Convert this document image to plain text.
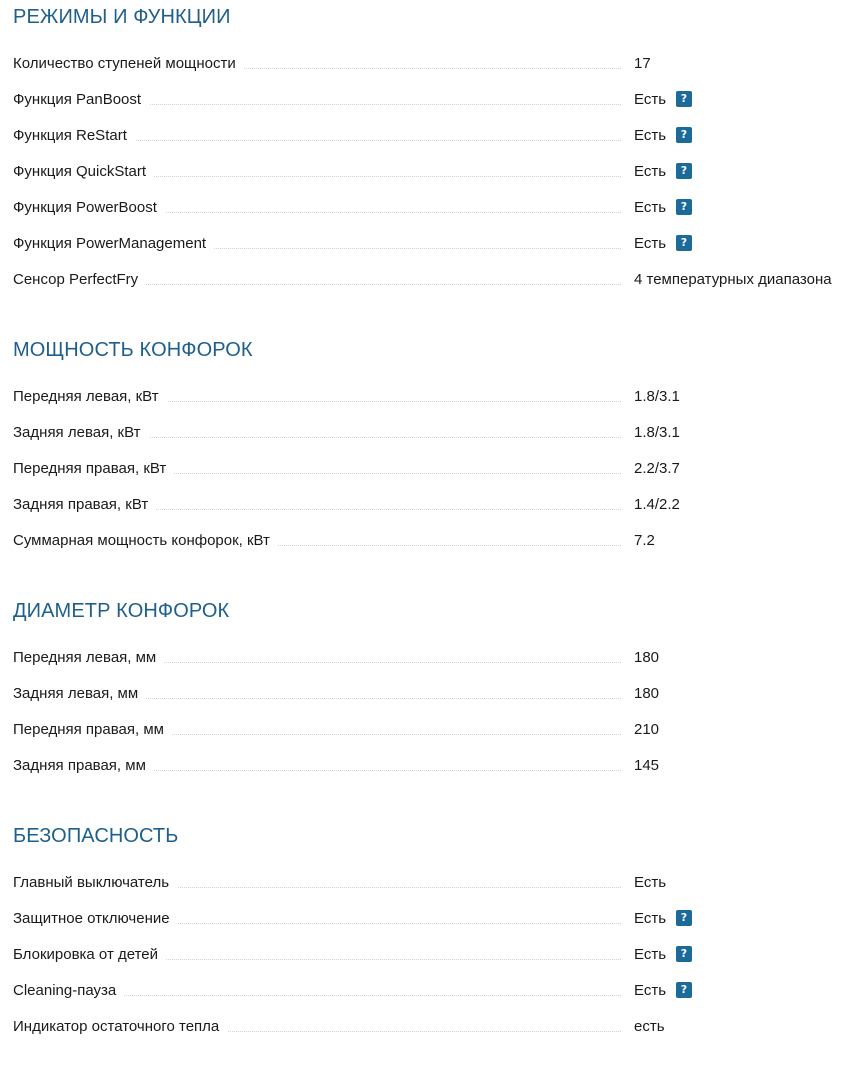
РЕЖИМЫ И ФУНКЦИИ
Количество ступеней мощности	17
Функция PanBoost	Есть	?
Функция ReStart	Есть	?
Функция QuickStart	Есть	?
Функция PowerBoost	Есть	?
Функция PowerManagement	Есть	?
Сенсор PerfectFry	4 температурных диапазона
МОЩНОСТЬ КОНФОРОК
Передняя левая, кВт	1.8/3.1
Задняя левая, кВт	1.8/3.1
Передняя правая, кВт	2.2/3.7
Задняя правая, кВт	1.4/2.2
Суммарная мощность конфорок, кВт	7.2
ДИАМЕТР КОНФОРОК
Передняя левая, мм	180
Задняя левая, мм	180
Передняя правая, мм	210
Задняя правая, мм	145
БЕЗОПАСНОСТЬ
Главный выключатель	Есть
Защитное отключение	Есть	?
Блокировка от детей	Есть	?
Cleaning-пауза	Есть	?
Индикатор остаточного тепла	есть
